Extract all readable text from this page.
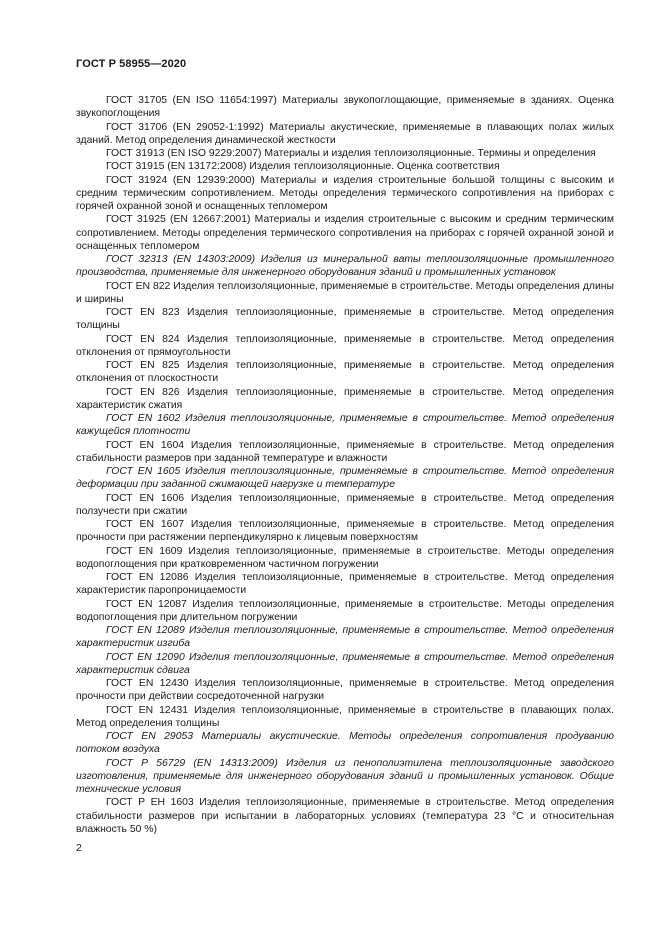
ГОСТ Р 58955—2020

ГОСТ 31705 (EN ISO 11654:1997) Материалы звукопоглощающие, применяемые в зданиях. Оценка звукопоглощения

ГОСТ 31706 (EN 29052-1:1992) Материалы акустические, применяемые в плавающих полах жилых зданий. Метод определения динамической жесткости

ГОСТ 31913 (EN ISO 9229:2007) Материалы и изделия теплоизоляционные. Термины и определения

ГОСТ 31915 (EN 13172:2008) Изделия теплоизоляционные. Оценка соответствия

ГОСТ 31924 (EN 12939:2000) Материалы и изделия строительные большой толщины с высоким и средним термическим сопротивлением. Методы определения термического сопротивления на приборах с горячей охранной зоной и оснащенных тепломером

ГОСТ 31925 (EN 12667:2001) Материалы и изделия строительные с высоким и средним термическим сопротивлением. Методы определения термического сопротивления на приборах с горячей охранной зоной и оснащенных тепломером

ГОСТ 32313 (EN 14303:2009) Изделия из минеральной ваты теплоизоляционные промышленного производства, применяемые для инженерного оборудования зданий и промышленных установок

ГОСТ EN 822 Изделия теплоизоляционные, применяемые в строительстве. Методы определения длины и ширины

ГОСТ EN 823 Изделия теплоизоляционные, применяемые в строительстве. Метод определения толщины

ГОСТ EN 824 Изделия теплоизоляционные, применяемые в строительстве. Метод определения отклонения от прямоугольности

ГОСТ EN 825 Изделия теплоизоляционные, применяемые в строительстве. Метод определения отклонения от плоскостности

ГОСТ EN 826 Изделия теплоизоляционные, применяемые в строительстве. Метод определения характеристик сжатия

ГОСТ EN 1602 Изделия теплоизоляционные, применяемые в строительстве. Метод определения кажущейся плотности

ГОСТ EN 1604 Изделия теплоизоляционные, применяемые в строительстве. Метод определения стабильности размеров при заданной температуре и влажности

ГОСТ EN 1605 Изделия теплоизоляционные, применяемые в строительстве. Метод определения деформации при заданной сжимающей нагрузке и температуре

ГОСТ EN 1606 Изделия теплоизоляционные, применяемые в строительстве. Метод определения ползучести при сжатии

ГОСТ EN 1607 Изделия теплоизоляционные, применяемые в строительстве. Метод определения прочности при растяжении перпендикулярно к лицевым поверхностям

ГОСТ EN 1609 Изделия теплоизоляционные, применяемые в строительстве. Методы определения водопоглощения при кратковременном частичном погружении

ГОСТ EN 12086 Изделия теплоизоляционные, применяемые в строительстве. Метод определения характеристик паропроницаемости

ГОСТ EN 12087 Изделия теплоизоляционные, применяемые в строительстве. Методы определения водопоглощения при длительном погружении

ГОСТ EN 12089 Изделия теплоизоляционные, применяемые в строительстве. Метод определения характеристик изгиба

ГОСТ EN 12090 Изделия теплоизоляционные, применяемые в строительстве. Метод определения характеристик сдвига

ГОСТ EN 12430 Изделия теплоизоляционные, применяемые в строительстве. Метод определения прочности при действии сосредоточенной нагрузки

ГОСТ EN 12431 Изделия теплоизоляционные, применяемые в строительстве в плавающих полах. Метод определения толщины

ГОСТ EN 29053 Материалы акустические. Методы определения сопротивления продуванию потоком воздуха

ГОСТ Р 56729 (EN 14313:2009) Изделия из пенополиэтилена теплоизоляционные заводского изготовления, применяемые для инженерного оборудования зданий и промышленных установок. Общие технические условия

ГОСТ Р ЕН 1603 Изделия теплоизоляционные, применяемые в строительстве. Метод определения стабильности размеров при испытании в лабораторных условиях (температура 23 °С и относительная влажность 50 %)

2
